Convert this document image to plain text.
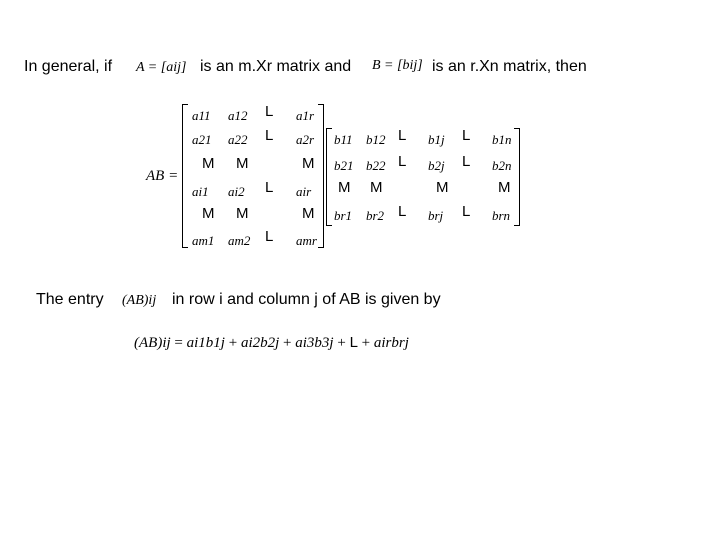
In general, if A = [aij] is an m.Xr matrix and B = [bij] is an r.Xn matrix, then
AB =
a11 a12 L a1r
a21 a22 L a2r
M M	M
ai1 ai2 L air
M M	M
am1 am2 L amr
b11 b12 L b1j L b1n
b21 b22 L b2j L b2n
M M	M	M
br1 br2 L brj L brn
The entry (AB)ij in row i and column j of AB is given by
(AB)ij = ai1b1j + ai2b2j + ai3b3j + L + airbrj
